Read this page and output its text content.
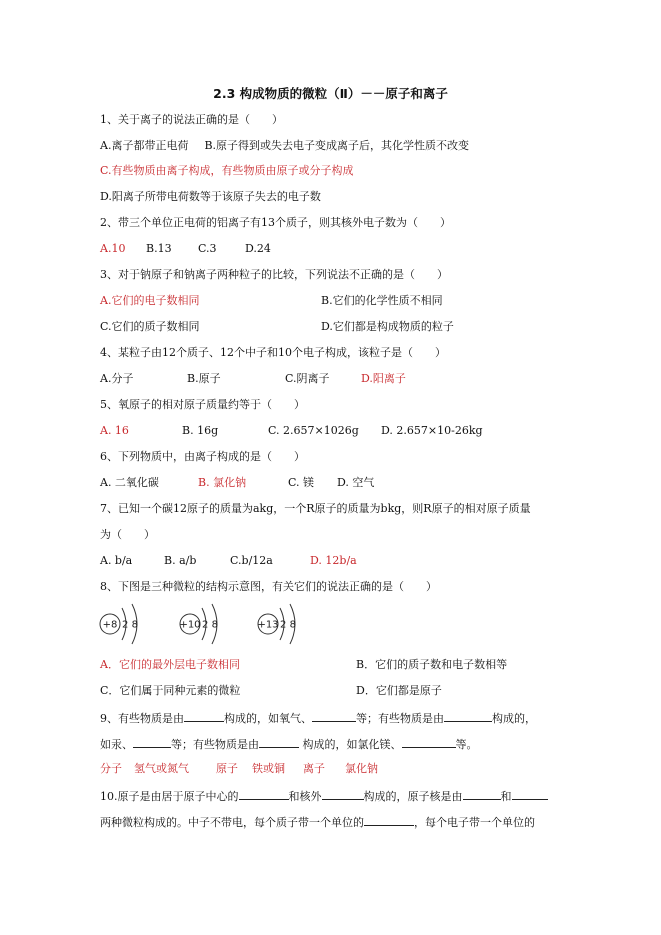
2.3 构成物质的微粒（Ⅱ）－－原子和离子
1、关于离子的说法正确的是（　　）
A.离子都带正电荷 B.原子得到或失去电子变成离子后，其化学性质不改变
C.有些物质由离子构成，有些物质由原子或分子构成
D.阳离子所带电荷数等于该原子失去的电子数
2、带三个单位正电荷的铝离子有13个质子，则其核外电子数为（　　）
A.10 B.13 C.3	D.24
3、对于钠原子和钠离子两种粒子的比较，下列说法不正确的是（　　）
A.它们的电子数相同	B.它们的化学性质不相同
C.它们的质子数相同	D.它们都是构成物质的粒子
4、某粒子由12个质子、12个中子和10个电子构成，该粒子是（　　）
A.分子	B.原子	C.阴离子	D.阳离子
5、氧原子的相对原子质量约等于（　　）
A. 16	B. 16g	C. 2.657×1026g D. 2.657×10-26kg
6、下列物质中，由离子构成的是（　　）
A. 二氧化碳	B. 氯化钠	C. 镁 D. 空气
7、已知一个碳12原子的质量为akg，一个R原子的质量为bkg，则R原子的相对原子质量
为（　　）
A. b/a	B. a/b	C.b/12a	D. 12b/a
8、下图是三种微粒的结构示意图，有关它们的说法正确的是（　　）
+8 2 8	+10 2 8	+13 2 8
A．它们的最外层电子数相同	B．它们的质子数和电子数相等
C．它们属于同种元素的微粒	D．它们都是原子
9、有些物质是由	构成的，如氧气、	等；有些物质是由	构成的，
如汞、	等；有些物质是由	构成的，如氯化镁、	等。
分子 氢气或氮气 原子 铁或铜 离子 氯化钠
10.原子是由居于原子中心的	和核外	构成的，原子核是由	和
两种微粒构成的。中子不带电，每个质子带一个单位的	，每个电子带一个单位的
